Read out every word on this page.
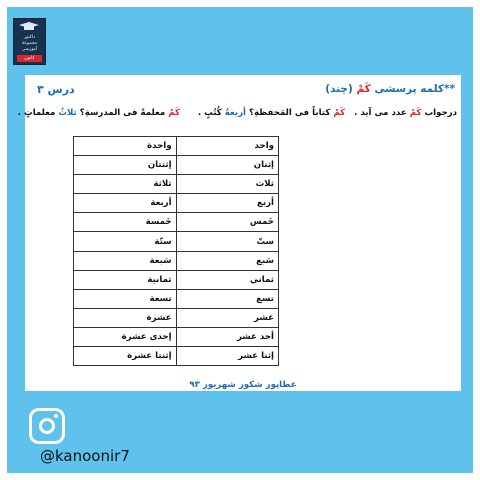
داکتور
مجموعۀ
آموزشی
کانون
**کلمه پرسشی كَمْ (چند)
درس ۳
درجواب كَمْ عدد می آید .   كَمْ كتاباً فی المَحفظةِ؟ أربعةُ كُتُبٍ .      كَمْ معلمةً فی المدرسةِ؟ ثلاثُ معلماتٍ .
واحد	واحدة
إثنان	إثنتان
ثلاث	ثلاثة
أربع	أربعة
خَمس	خَمسة
ستّ	ستّة
سَبع	سَبعة
ثماني	ثمانية
تسع	تسعة
عشر	عشرة
أحد عشر	إحدی عشرة
إثنا عشر	إثنتا عشرة
عطاپور شکور شهریور ۹۳
@kanoonir7
